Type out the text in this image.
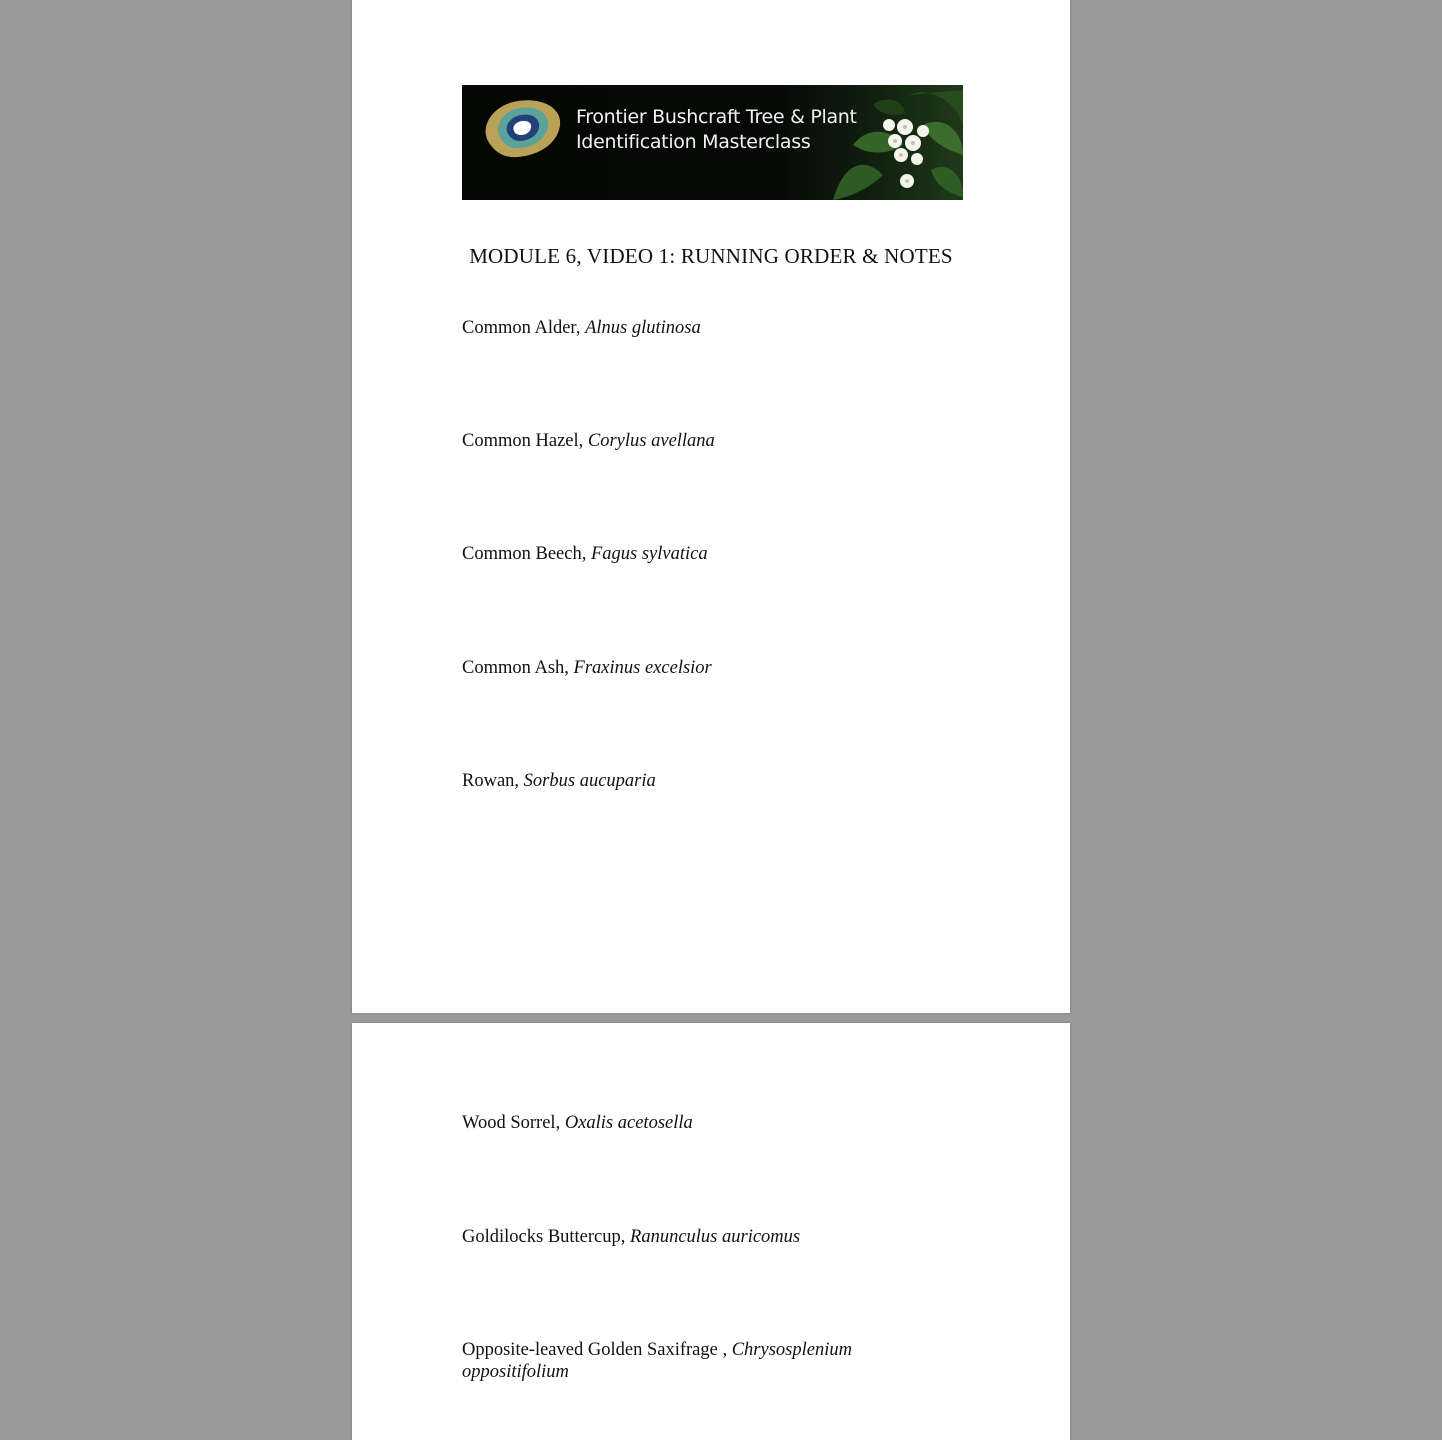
Frontier Bushcraft Tree & Plant
Identification Masterclass
MODULE 6, VIDEO 1: RUNNING ORDER & NOTES
Common Alder, Alnus glutinosa
Common Hazel, Corylus avellana
Common Beech, Fagus sylvatica
Common Ash, Fraxinus excelsior
Rowan, Sorbus aucuparia
Wood Sorrel, Oxalis acetosella
Goldilocks Buttercup, Ranunculus auricomus
Opposite-leaved Golden Saxifrage , Chrysosplenium oppositifolium
